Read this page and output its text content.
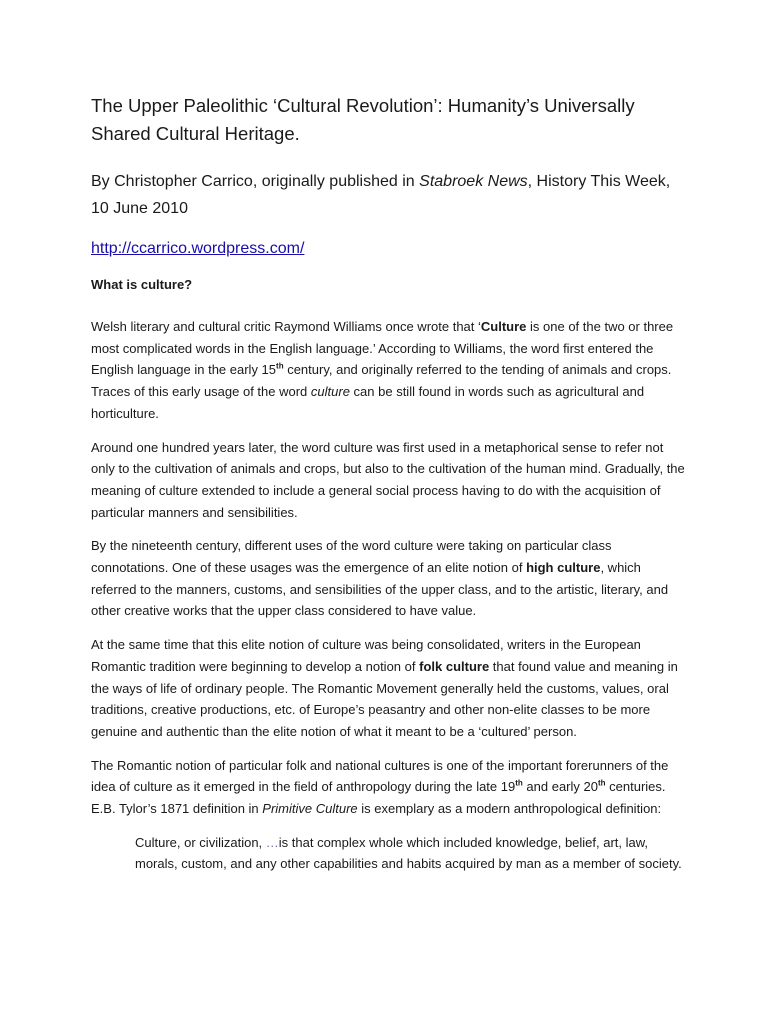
The Upper Paleolithic ‘Cultural Revolution’: Humanity’s Universally
Shared Cultural Heritage.
By Christopher Carrico, originally published in Stabroek News, History This Week,
10 June 2010
http://ccarrico.wordpress.com/
What is culture?

Welsh literary and cultural critic Raymond Williams once wrote that ‘Culture is one of the two or three most complicated words in the English language.’ According to Williams, the word first entered the English language in the early 15th century, and originally referred to the tending of animals and crops. Traces of this early usage of the word culture can be still found in words such as agricultural and horticulture.

Around one hundred years later, the word culture was first used in a metaphorical sense to refer not only to the cultivation of animals and crops, but also to the cultivation of the human mind. Gradually, the meaning of culture extended to include a general social process having to do with the acquisition of particular manners and sensibilities.

By the nineteenth century, different uses of the word culture were taking on particular class connotations. One of these usages was the emergence of an elite notion of high culture, which referred to the manners, customs, and sensibilities of the upper class, and to the artistic, literary, and other creative works that the upper class considered to have value.

At the same time that this elite notion of culture was being consolidated, writers in the European Romantic tradition were beginning to develop a notion of folk culture that found value and meaning in the ways of life of ordinary people. The Romantic Movement generally held the customs, values, oral traditions, creative productions, etc. of Europe’s peasantry and other non-elite classes to be more genuine and authentic than the elite notion of what it meant to be a ‘cultured’ person.

The Romantic notion of particular folk and national cultures is one of the important forerunners of the idea of culture as it emerged in the field of anthropology during the late 19th and early 20th centuries. E.B. Tylor’s 1871 definition in Primitive Culture is exemplary as a modern anthropological definition:

Culture, or civilization, …is that complex whole which included knowledge, belief, art, law, morals, custom, and any other capabilities and habits acquired by man as a member of society.
